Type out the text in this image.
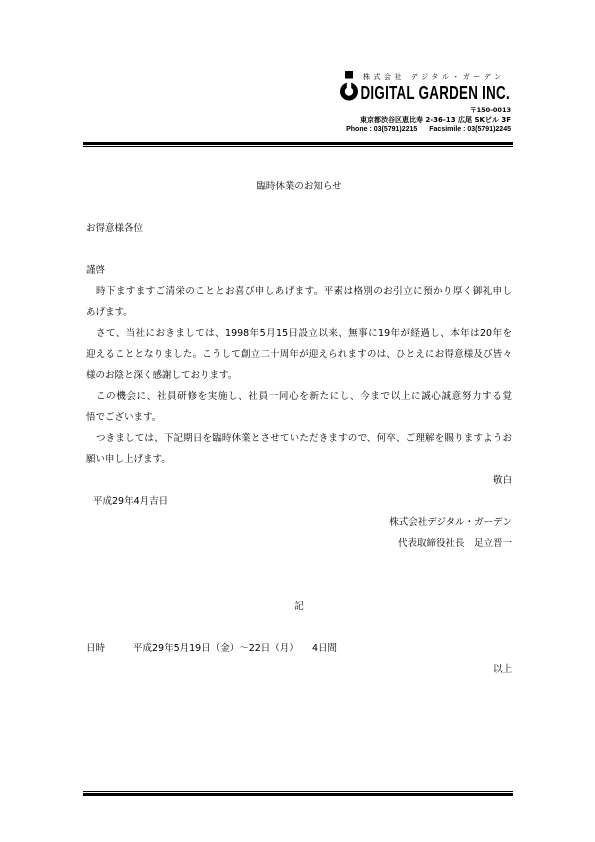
株式会社 デジタル・ガーデン
DIGITAL GARDEN INC.
〒150-0013
東京都渋谷区恵比寿 2-36-13 広尾 SKビル 3F
Phone : 03(5791)2215 Facsimile : 03(5791)2245
臨時休業のお知らせ
お得意様各位
謹啓
時下ますますご清栄のこととお喜び申しあげます。平素は格別のお引立に預かり厚く御礼申し
あげます。
さて、当社におきましては、1998年5月15日設立以来、無事に19年が経過し、本年は20年を
迎えることとなりました。こうして創立二十周年が迎えられますのは、ひとえにお得意様及び皆々
様のお陰と深く感謝しております。
この機会に、社員研修を実施し、社員一同心を新たにし、今まで以上に誠心誠意努力する覚
悟でございます。
つきましては、下記期日を臨時休業とさせていただきますので、何卒、ご理解を賜りますようお
願い申し上げます。
敬白
平成29年4月吉日
株式会社デジタル・ガーデン
代表取締役社長　足立晋一
記
日時	平成29年5月19日（金）～22日（月） 4日間
以上
